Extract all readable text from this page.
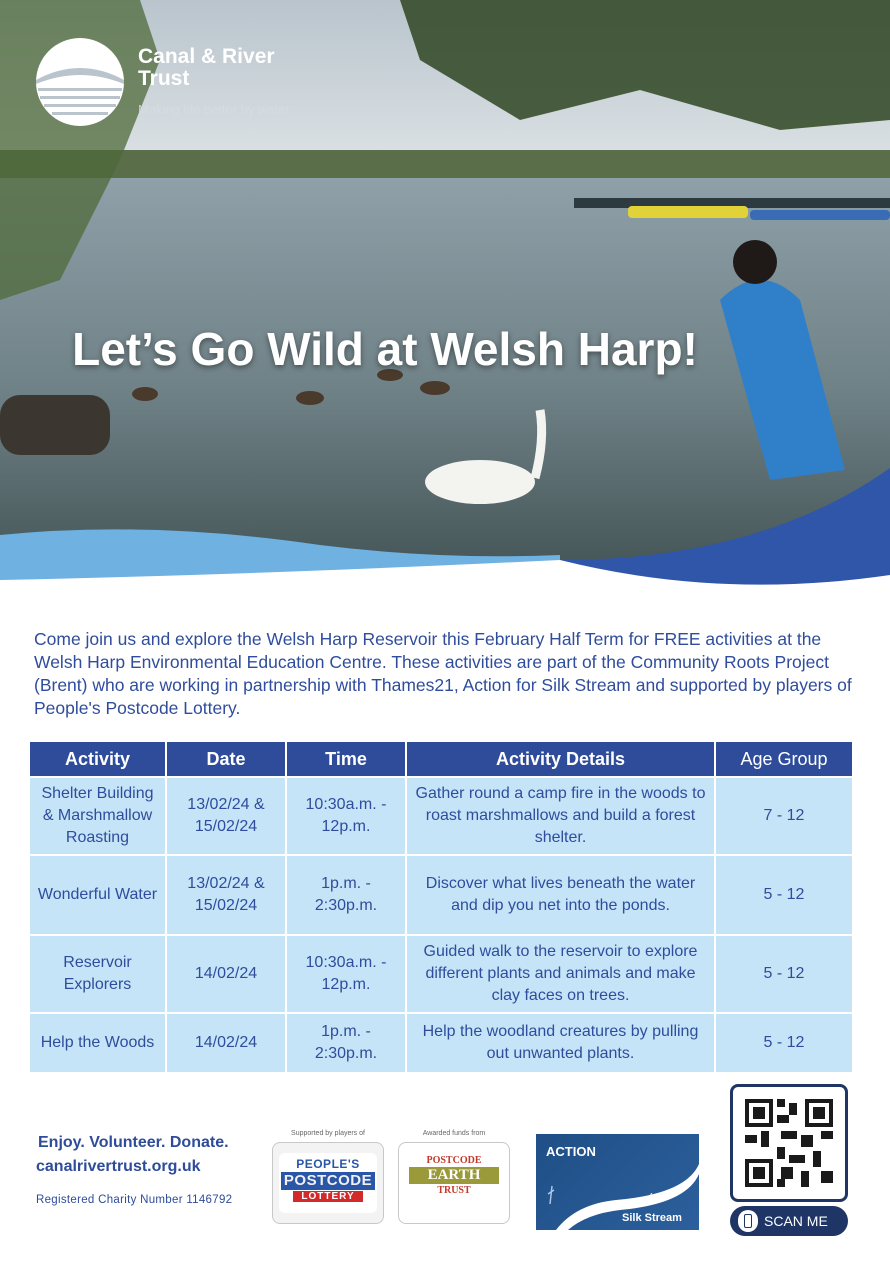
Canal & River Trust
Making life better by water
Let’s Go Wild at Welsh Harp!
Come join us and explore the Welsh Harp Reservoir this February Half Term for FREE activities at the Welsh Harp Environmental Education Centre. These activities are part of the Community Roots Project (Brent) who are working in partnership with Thames21, Action for Silk Stream and supported by players of People's Postcode Lottery.
Activity	Date	Time	Activity Details	Age Group
Shelter Building & Marshmallow Roasting	13/02/24 & 15/02/24	10:30a.m. - 12p.m.	Gather round a camp fire in the woods to roast marshmallows and build a forest shelter.	7 - 12
Wonderful Water	13/02/24 & 15/02/24	1p.m. - 2:30p.m.	Discover what lives beneath the water and dip you net into the ponds.	5 - 12
Reservoir Explorers	14/02/24	10:30a.m. - 12p.m.	Guided walk to the reservoir to explore different plants and animals and make clay faces on trees.	5 - 12
Help the Woods	14/02/24	1p.m. - 2:30p.m.	Help the woodland creatures by pulling out unwanted plants.	5 - 12
Enjoy. Volunteer. Donate.
canalrivertrust.org.uk
Registered Charity Number 1146792
Supported by players of
PEOPLE'S
POSTCODE
LOTTERY
Awarded funds from
POSTCODE
EARTH
TRUST
ACTION
for
Silk Stream	SCAN ME
